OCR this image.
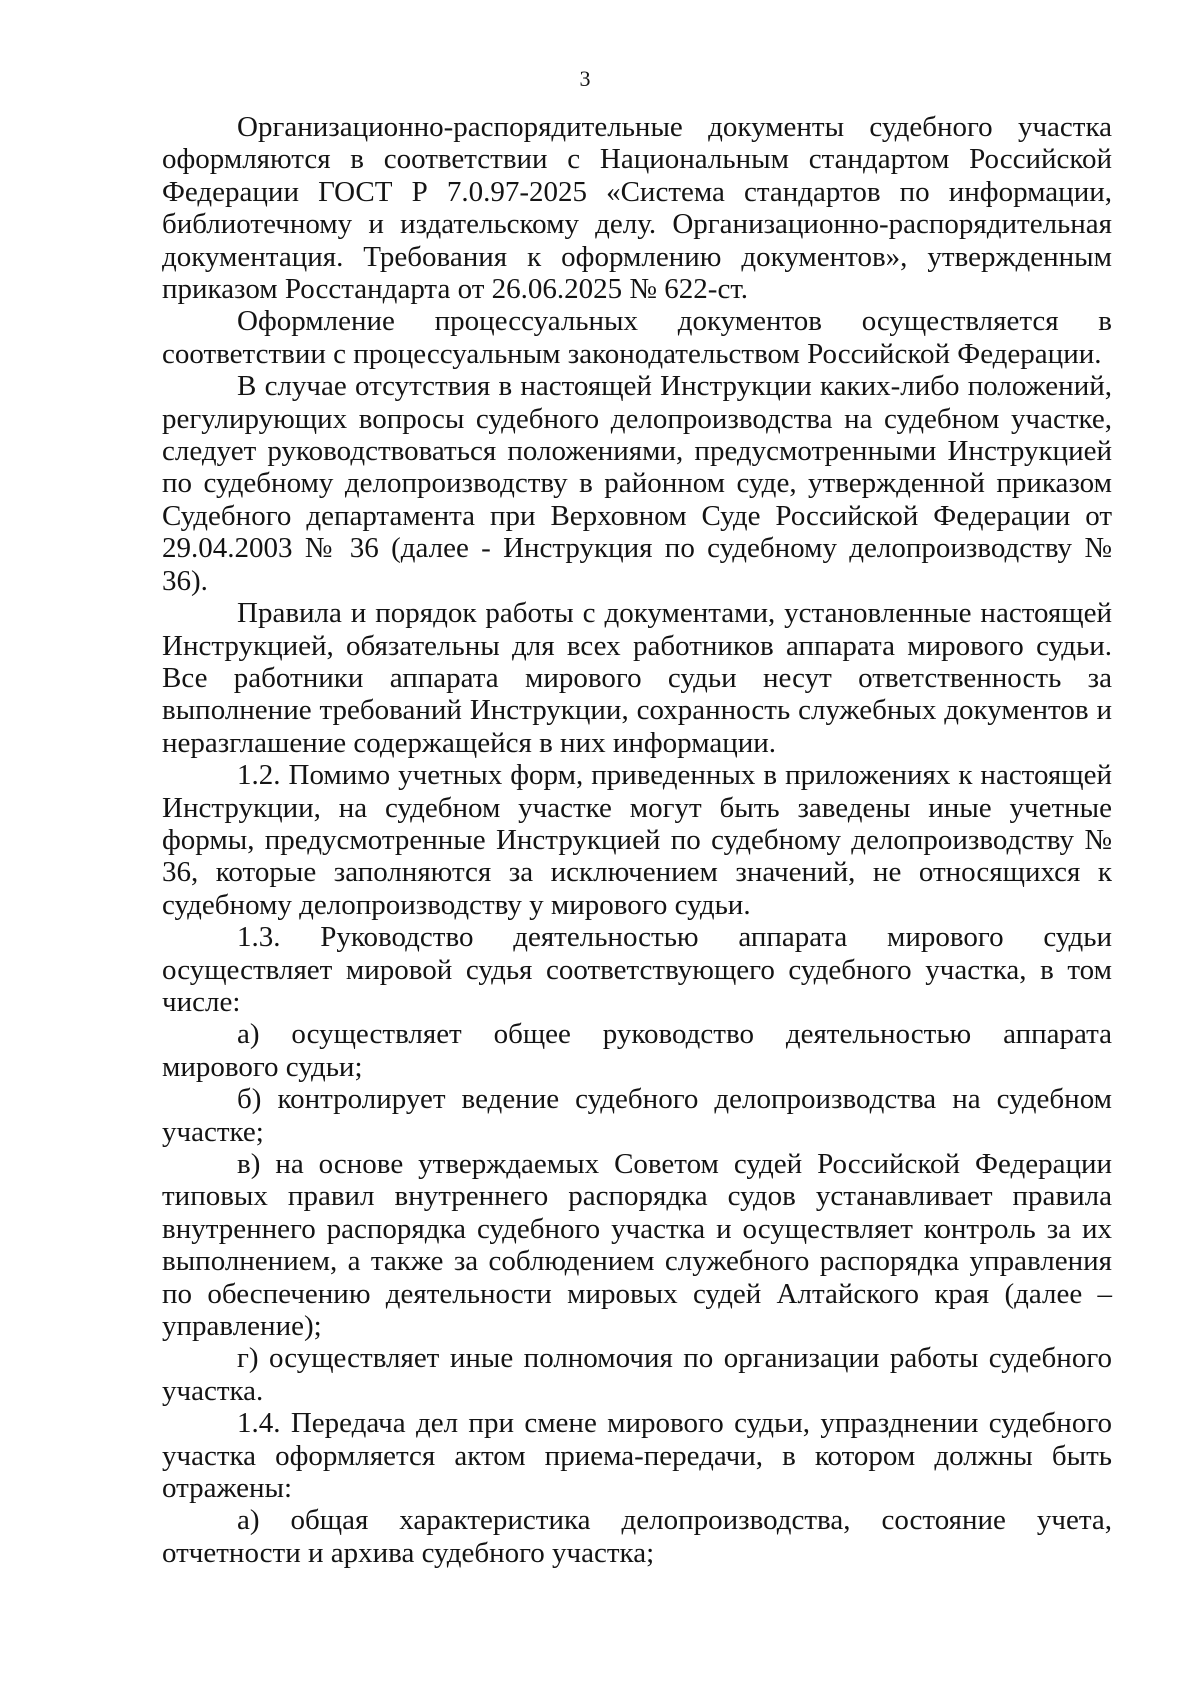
3

Организационно-распорядительные документы судебного участка оформляются в соответствии с Национальным стандартом Российской Федерации ГОСТ Р 7.0.97-2025 «Система стандартов по информации, библиотечному и издательскому делу. Организационно-распорядительная документация. Требования к оформлению документов», утвержденным приказом Росстандарта от 26.06.2025 № 622-ст.

Оформление процессуальных документов осуществляется в соответствии с процессуальным законодательством Российской Федерации.

В случае отсутствия в настоящей Инструкции каких-либо положений, регулирующих вопросы судебного делопроизводства на судебном участке, следует руководствоваться положениями, предусмотренными Инструкцией по судебному делопроизводству в районном суде, утвержденной приказом Судебного департамента при Верховном Суде Российской Федерации от 29.04.2003 № 36 (далее - Инструкция по судебному делопроизводству № 36).

Правила и порядок работы с документами, установленные настоящей Инструкцией, обязательны для всех работников аппарата мирового судьи. Все работники аппарата мирового судьи несут ответственность за выполнение требований Инструкции, сохранность служебных документов и неразглашение содержащейся в них информации.

1.2. Помимо учетных форм, приведенных в приложениях к настоящей Инструкции, на судебном участке могут быть заведены иные учетные формы, предусмотренные Инструкцией по судебному делопроизводству № 36, которые заполняются за исключением значений, не относящихся к судебному делопроизводству у мирового судьи.

1.3. Руководство деятельностью аппарата мирового судьи осуществляет мировой судья соответствующего судебного участка, в том числе:

а) осуществляет общее руководство деятельностью аппарата мирового судьи;

б) контролирует ведение судебного делопроизводства на судебном участке;

в) на основе утверждаемых Советом судей Российской Федерации типовых правил внутреннего распорядка судов устанавливает правила внутреннего распорядка судебного участка и осуществляет контроль за их выполнением, а также за соблюдением служебного распорядка управления по обеспечению деятельности мировых судей Алтайского края (далее – управление);

г) осуществляет иные полномочия по организации работы судебного участка.

1.4. Передача дел при смене мирового судьи, упразднении судебного участка оформляется актом приема-передачи, в котором должны быть отражены:

а) общая характеристика делопроизводства, состояние учета, отчетности и архива судебного участка;
